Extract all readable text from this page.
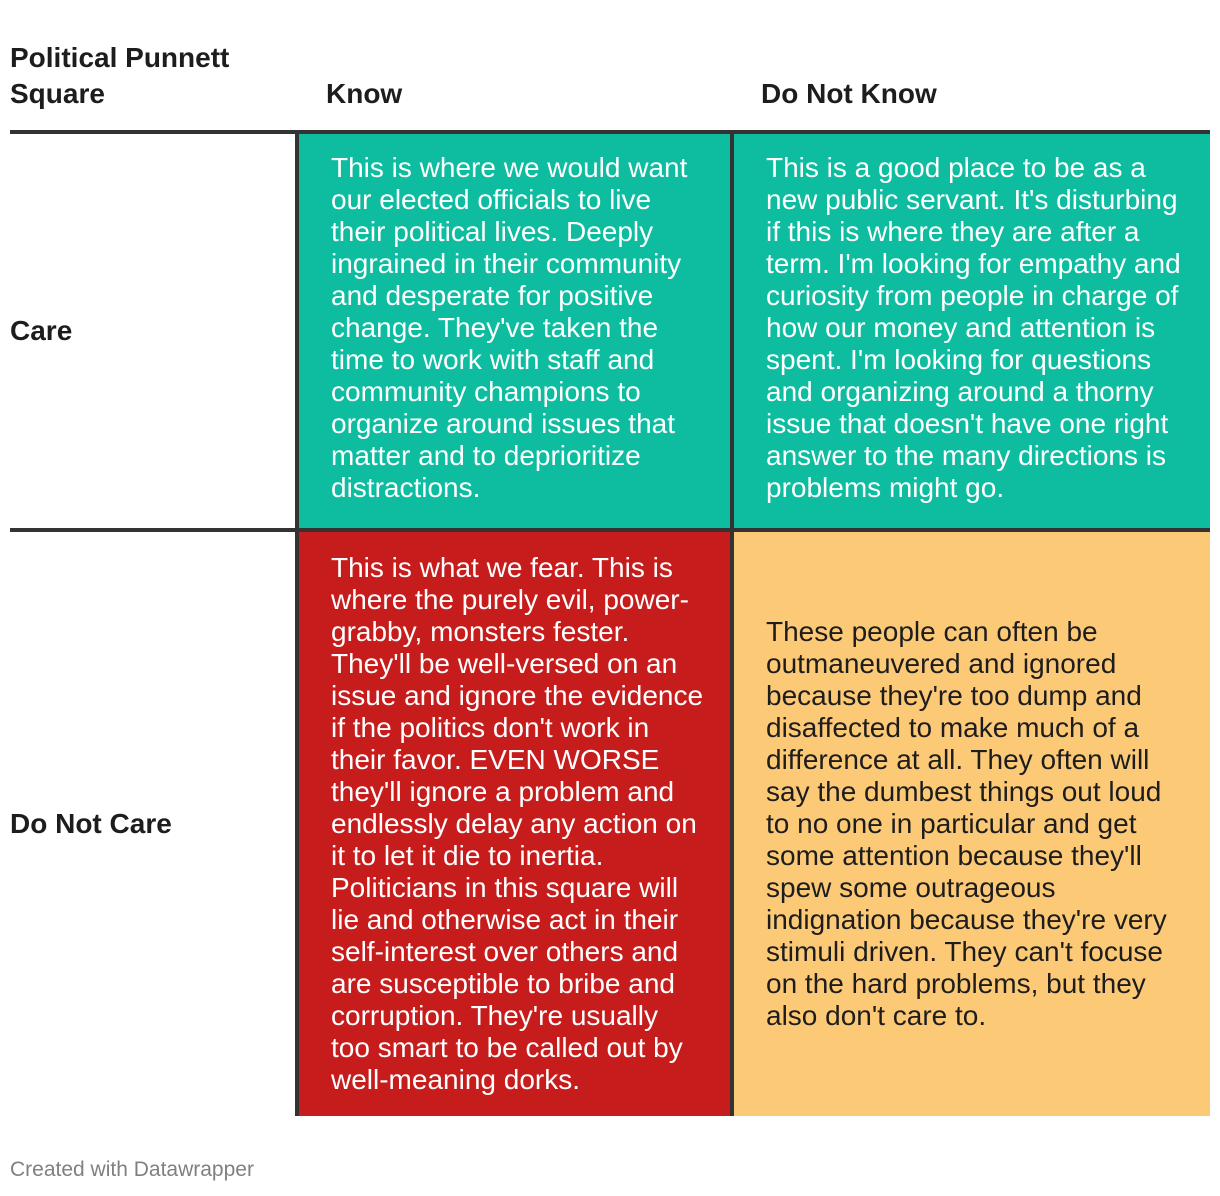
Political Punnett Square	Know	Do Not Know
Care
This is where we would want our elected officials to live their political lives. Deeply ingrained in their community and desperate for positive change. They've taken the time to work with staff and community champions to organize around issues that matter and to deprioritize distractions.
This is a good place to be as a new public servant. It's disturbing if this is where they are after a term. I'm looking for empathy and curiosity from people in charge of how our money and attention is spent. I'm looking for questions and organizing around a thorny issue that doesn't have one right answer to the many directions is problems might go.
Do Not Care
This is what we fear. This is where the purely evil, power-grabby, monsters fester. They'll be well-versed on an issue and ignore the evidence if the politics don't work in their favor. EVEN WORSE they'll ignore a problem and endlessly delay any action on it to let it die to inertia. Politicians in this square will lie and otherwise act in their self-interest over others and are susceptible to bribe and corruption. They're usually too smart to be called out by well-meaning dorks.
These people can often be outmaneuvered and ignored because they're too dump and disaffected to make much of a difference at all. They often will say the dumbest things out loud to no one in particular and get some attention because they'll spew some outrageous indignation because they're very stimuli driven. They can't focuse on the hard problems, but they also don't care to.
Created with Datawrapper
